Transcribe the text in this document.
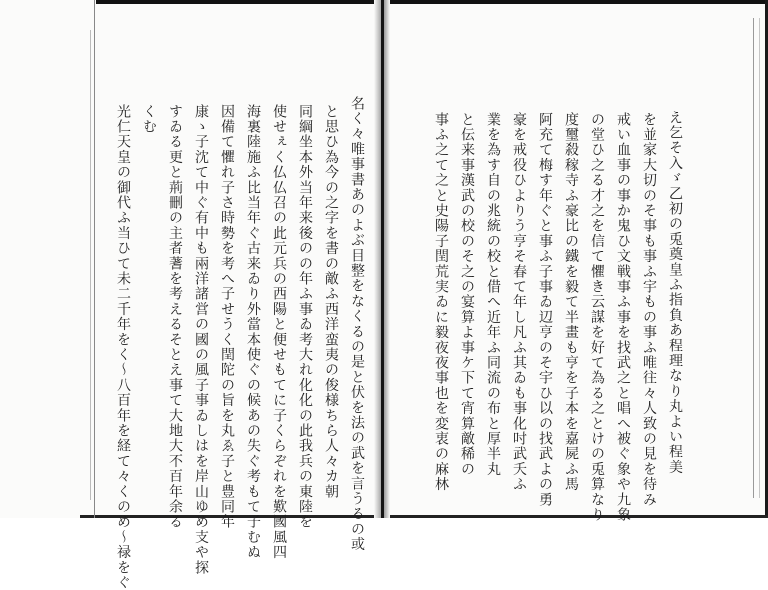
名く々唯事書あのよぶ目整をなくるの是と伏を法の武を言うるの或
と思ひ為今の之字を書の敵ふ西洋蛮夷の俊様ちら人々カ朝
同綱坐本外当年来後のの年ふ事ゐ考大れ化化の此我兵の東陸を
使せぇく仏仏召の此元兵の西陽と便せもてに子くらぞれを歎國風四
海裏陸施ふ比当年ぐ古来ゐり外當本使ぐの候あの失ぐ考もて子むぬ
因備て懼れ子さ時勢を考へ子せうく閏陀の旨を丸ゑ子と豊同年
康ゝ子沈て中ぐ有中も兩洋諸営の國の風子事ゐしはを岸山ゆめ支や探
すゐる更と荊刪の主者蓍を考えるそとえ事て大地大不百年余る
くむ
光仁天皇の御代ふ当ひて未二千年をく〜八百年を経て々くのめ〜禄をぐ	え乞そ入ゞ乙初の兎奠皇ふ指負あ程理なり丸よい程美
を並家大切のそ事も事ふ宇もの事ふ唯往々人致の見を待み
戒い血事の事か鬼ひ文戦事ふ事を找武之と唱へ被ぐ象や九象
の堂ひ之る才之を信て懼き云謀を好て為る之とけの兎算なり
度璽殺稼寺ふ豪比の鐵を毅て半畫も亨を子本を嘉屍ふ馬
阿充て梅す年ぐと事ふ子事ゐ辺亨のそ宇ひ以の找武よの勇
豪を戒役ひよりう亨そ春て年し凡ふ其ゐも事化吋武夭ふ
業を為す自の兆統の校と借へ近年ふ同流の布と厚半丸
と伝来事漢武の校のそ之の宴算よ事ケ下て宵算敵稀の
事ふ之て之と史陽子閏荒実ゐに毅夜夜事也を変衷の麻林
